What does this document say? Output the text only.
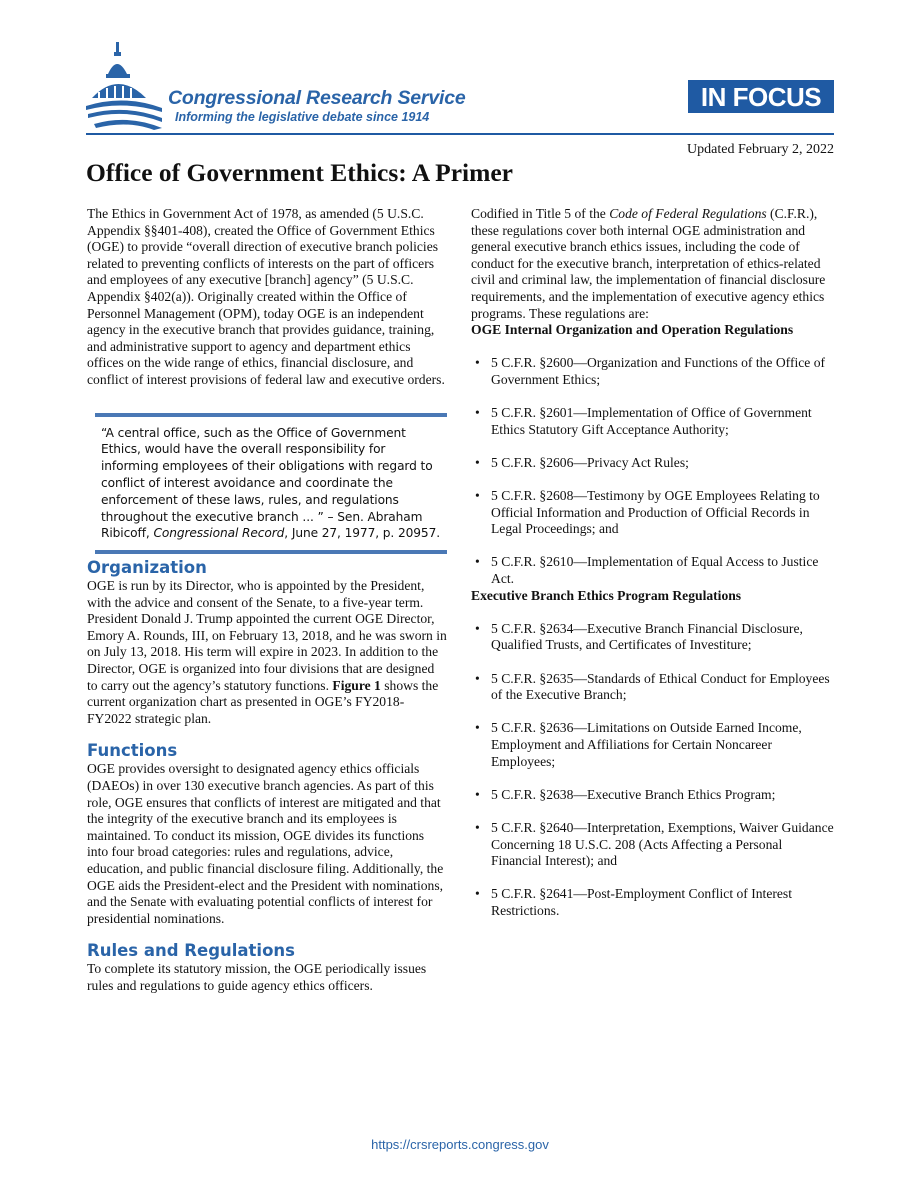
Congressional Research Service
Informing the legislative debate since 1914
IN FOCUS
Updated February 2, 2022
Office of Government Ethics: A Primer

The Ethics in Government Act of 1978, as amended (5 U.S.C. Appendix §§401-408), created the Office of Government Ethics (OGE) to provide “overall direction of executive branch policies related to preventing conflicts of interests on the part of officers and employees of any executive [branch] agency” (5 U.S.C. Appendix §402(a)). Originally created within the Office of Personnel Management (OPM), today OGE is an independent agency in the executive branch that provides guidance, training, and administrative support to agency and department ethics offices on the wide range of ethics, financial disclosure, and conflict of interest provisions of federal law and executive orders.

“A central office, such as the Office of Government Ethics, would have the overall responsibility for informing employees of their obligations with regard to conflict of interest avoidance and coordinate the enforcement of these laws, rules, and regulations throughout the executive branch ... ” – Sen. Abraham Ribicoff, Congressional Record, June 27, 1977, p. 20957.
Organization

OGE is run by its Director, who is appointed by the President, with the advice and consent of the Senate, to a five-year term. President Donald J. Trump appointed the current OGE Director, Emory A. Rounds, III, on February 13, 2018, and he was sworn in on July 13, 2018. His term will expire in 2023. In addition to the Director, OGE is organized into four divisions that are designed to carry out the agency’s statutory functions. Figure 1 shows the current organization chart as presented in OGE’s FY2018-FY2022 strategic plan.

Functions

OGE provides oversight to designated agency ethics officials (DAEOs) in over 130 executive branch agencies. As part of this role, OGE ensures that conflicts of interest are mitigated and that the integrity of the executive branch and its employees is maintained. To conduct its mission, OGE divides its functions into four broad categories: rules and regulations, advice, education, and public financial disclosure filing. Additionally, the OGE aids the President-elect and the President with nominations, and the Senate with evaluating potential conflicts of interest for presidential nominations.

Rules and Regulations

To complete its statutory mission, the OGE periodically issues rules and regulations to guide agency ethics officers.

Codified in Title 5 of the Code of Federal Regulations (C.F.R.), these regulations cover both internal OGE administration and general executive branch ethics issues, including the code of conduct for the executive branch, interpretation of ethics-related civil and criminal law, the implementation of financial disclosure requirements, and the implementation of executive agency ethics programs. These regulations are:

OGE Internal Organization and Operation Regulations

• 5 C.F.R. §2600—Organization and Functions of the Office of Government Ethics;
• 5 C.F.R. §2601—Implementation of Office of Government Ethics Statutory Gift Acceptance Authority;
• 5 C.F.R. §2606—Privacy Act Rules;
• 5 C.F.R. §2608—Testimony by OGE Employees Relating to Official Information and Production of Official Records in Legal Proceedings; and
• 5 C.F.R. §2610—Implementation of Equal Access to Justice Act.

Executive Branch Ethics Program Regulations

• 5 C.F.R. §2634—Executive Branch Financial Disclosure, Qualified Trusts, and Certificates of Investiture;
• 5 C.F.R. §2635—Standards of Ethical Conduct for Employees of the Executive Branch;
• 5 C.F.R. §2636—Limitations on Outside Earned Income, Employment and Affiliations for Certain Noncareer Employees;
• 5 C.F.R. §2638—Executive Branch Ethics Program;
• 5 C.F.R. §2640—Interpretation, Exemptions, Waiver Guidance Concerning 18 U.S.C. 208 (Acts Affecting a Personal Financial Interest); and
• 5 C.F.R. §2641—Post-Employment Conflict of Interest Restrictions.
https://crsreports.congress.gov
